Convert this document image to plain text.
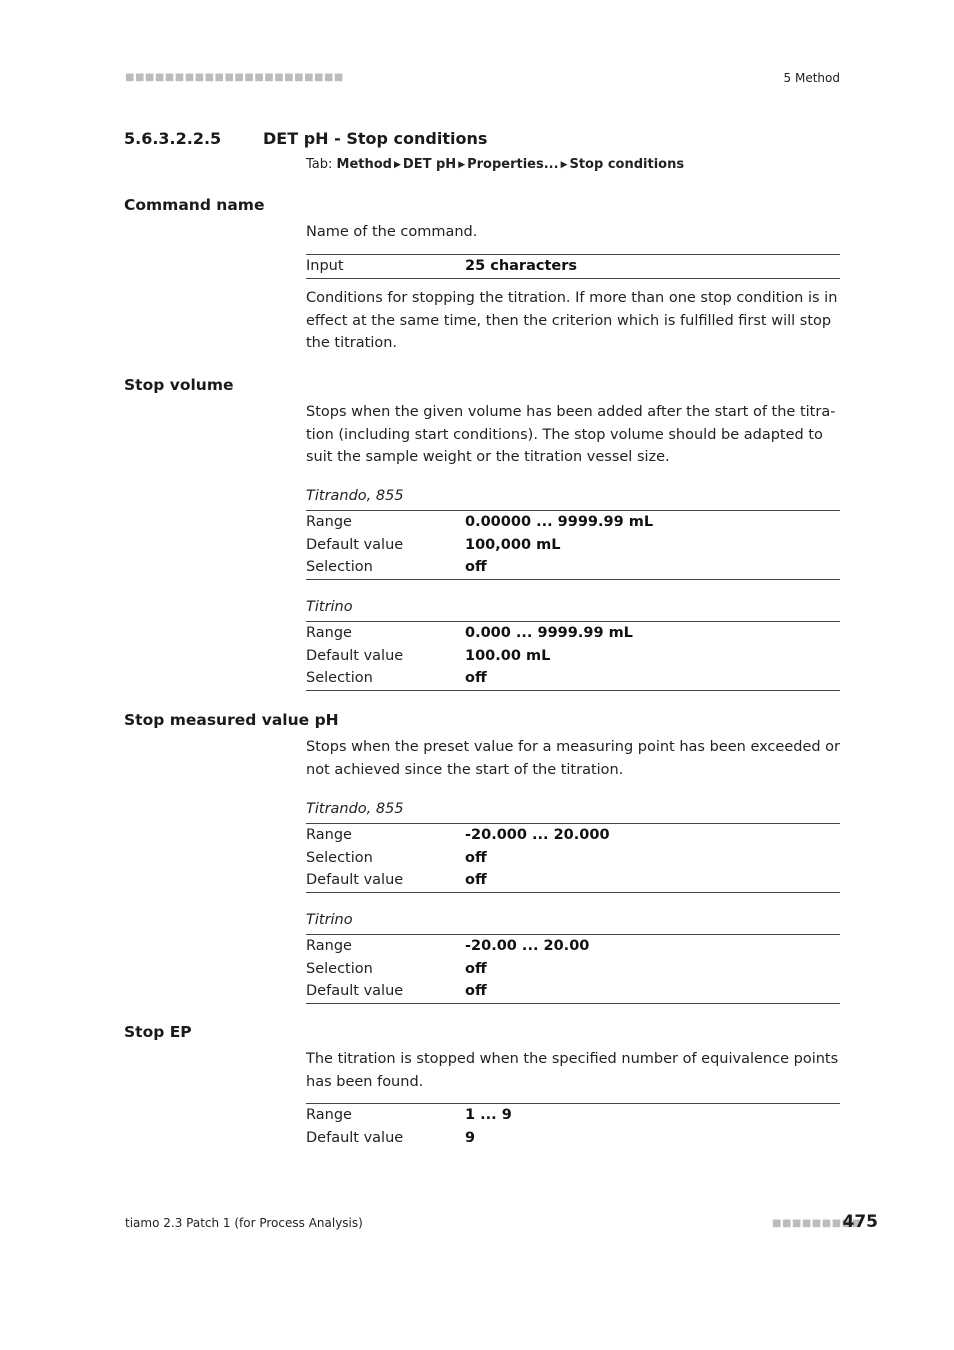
■■■■■■■■■■■■■■■■■■■■■■	5 Method
5.6.3.2.2.5	DET pH - Stop conditions
Tab: Method ▶ DET pH ▶ Properties... ▶ Stop conditions
Command name
Name of the command.
Input	25 characters
Conditions for stopping the titration. If more than one stop condition is in effect at the same time, then the criterion which is fulfilled first will stop the titration.
Stop volume
Stops when the given volume has been added after the start of the titra-tion (including start conditions). The stop volume should be adapted to suit the sample weight or the titration vessel size.
Titrando, 855
Range	0.00000 ... 9999.99 mL
Default value	100,000 mL
Selection	off
Titrino
Range	0.000 ... 9999.99 mL
Default value	100.00 mL
Selection	off
Stop measured value pH
Stops when the preset value for a measuring point has been exceeded or not achieved since the start of the titration.
Titrando, 855
Range	-20.000 ... 20.000
Selection	off
Default value	off
Titrino
Range	-20.00 ... 20.00
Selection	off
Default value	off
Stop EP
The titration is stopped when the specified number of equivalence points has been found.
Range	1 ... 9
Default value	9
tiamo 2.3 Patch 1 (for Process Analysis)	■■■■■■■■■
475
